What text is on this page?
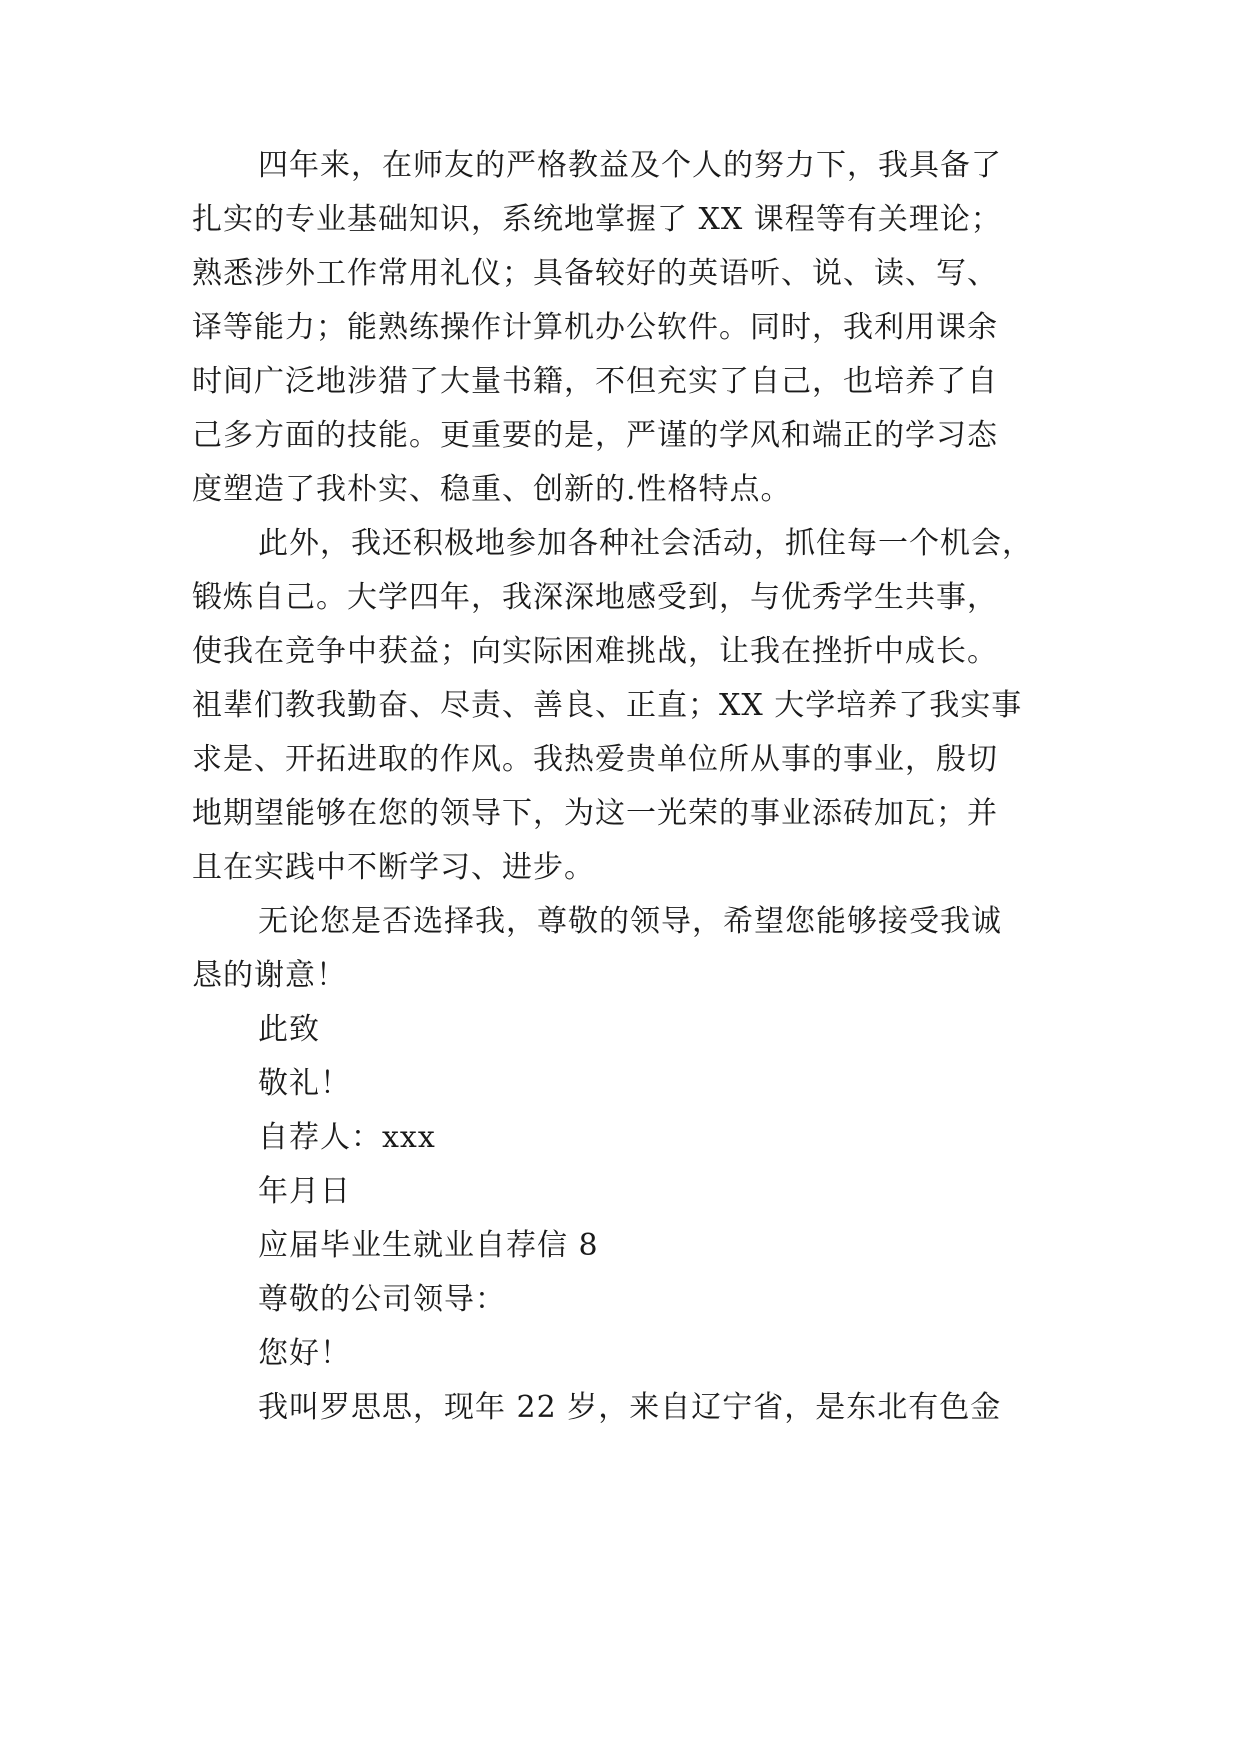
四年来，在师友的严格教益及个人的努力下，我具备了
扎实的专业基础知识，系统地掌握了 XX 课程等有关理论；
熟悉涉外工作常用礼仪；具备较好的英语听、说、读、写、
译等能力；能熟练操作计算机办公软件。同时，我利用课余
时间广泛地涉猎了大量书籍，不但充实了自己，也培养了自
己多方面的技能。更重要的是，严谨的学风和端正的学习态
度塑造了我朴实、稳重、创新的.性格特点。
此外，我还积极地参加各种社会活动，抓住每一个机会，
锻炼自己。大学四年，我深深地感受到，与优秀学生共事，
使我在竞争中获益；向实际困难挑战，让我在挫折中成长。
祖辈们教我勤奋、尽责、善良、正直；XX 大学培养了我实事
求是、开拓进取的作风。我热爱贵单位所从事的事业，殷切
地期望能够在您的领导下，为这一光荣的事业添砖加瓦；并
且在实践中不断学习、进步。
无论您是否选择我，尊敬的领导，希望您能够接受我诚
恳的谢意！
此致
敬礼！
自荐人：xxx
年月日
应届毕业生就业自荐信 8
尊敬的公司领导：
您好！
我叫罗思思，现年 22 岁，来自辽宁省，是东北有色金
